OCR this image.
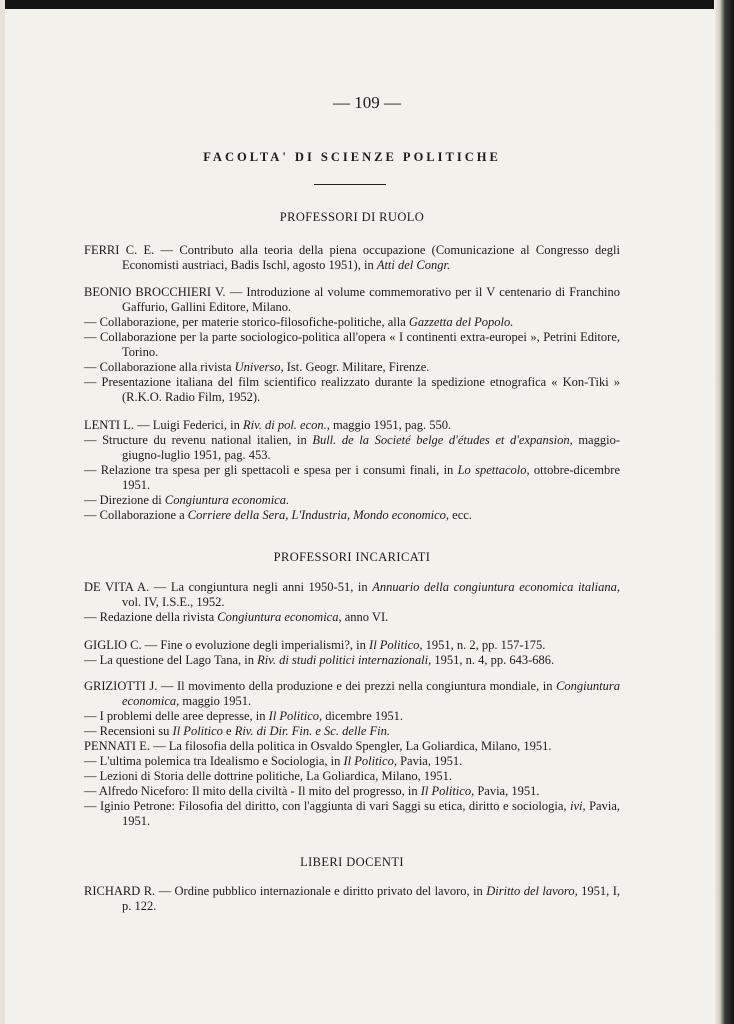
— 109 —
FACOLTA' DI SCIENZE POLITICHE
PROFESSORI DI RUOLO

FERRI C. E. — Contributo alla teoria della piena occupazione (Comunicazione al Congresso degli Economisti austriaci, Badis Ischl, agosto 1951), in Atti del Congr.

BEONIO BROCCHIERI V. — Introduzione al volume commemorativo per il V centenario di Franchino Gaffurio, Gallini Editore, Milano.

— Collaborazione, per materie storico-filosofiche-politiche, alla Gazzetta del Popolo.

— Collaborazione per la parte sociologico-politica all'opera « I continenti extra-europei », Petrini Editore, Torino.

— Collaborazione alla rivista Universo, Ist. Geogr. Militare, Firenze.

— Presentazione italiana del film scientifico realizzato durante la spedizione etnografica « Kon-Tiki » (R.K.O. Radio Film, 1952).

LENTI L. — Luigi Federici, in Riv. di pol. econ., maggio 1951, pag. 550.

— Structure du revenu national italien, in Bull. de la Societé belge d'études et d'expansion, maggio-giugno-luglio 1951, pag. 453.

— Relazione tra spesa per gli spettacoli e spesa per i consumi finali, in Lo spettacolo, ottobre-dicembre 1951.

— Direzione di Congiuntura economica.

— Collaborazione a Corriere della Sera, L'Industria, Mondo economico, ecc.

PROFESSORI INCARICATI

DE VITA A. — La congiuntura negli anni 1950-51, in Annuario della congiuntura economica italiana, vol. IV, I.S.E., 1952.

— Redazione della rivista Congiuntura economica, anno VI.

GIGLIO C. — Fine o evoluzione degli imperialismi?, in Il Politico, 1951, n. 2, pp. 157-175.

— La questione del Lago Tana, in Riv. di studi politici internazionali, 1951, n. 4, pp. 643-686.

GRIZIOTTI J. — Il movimento della produzione e dei prezzi nella congiuntura mondiale, in Congiuntura economica, maggio 1951.

— I problemi delle aree depresse, in Il Politico, dicembre 1951.

— Recensioni su Il Politico e Riv. di Dir. Fin. e Sc. delle Fin.

PENNATI E. — La filosofia della politica in Osvaldo Spengler, La Goliardica, Milano, 1951.

— L'ultima polemica tra Idealismo e Sociologia, in Il Politico, Pavia, 1951.

— Lezioni di Storia delle dottrine politiche, La Goliardica, Milano, 1951.

— Alfredo Niceforo: Il mito della civiltà - Il mito del progresso, in Il Politico, Pavia, 1951.

— Iginio Petrone: Filosofia del diritto, con l'aggiunta di vari Saggi su etica, diritto e sociologia, ivi, Pavia, 1951.

LIBERI DOCENTI

RICHARD R. — Ordine pubblico internazionale e diritto privato del lavoro, in Diritto del lavoro, 1951, I, p. 122.
